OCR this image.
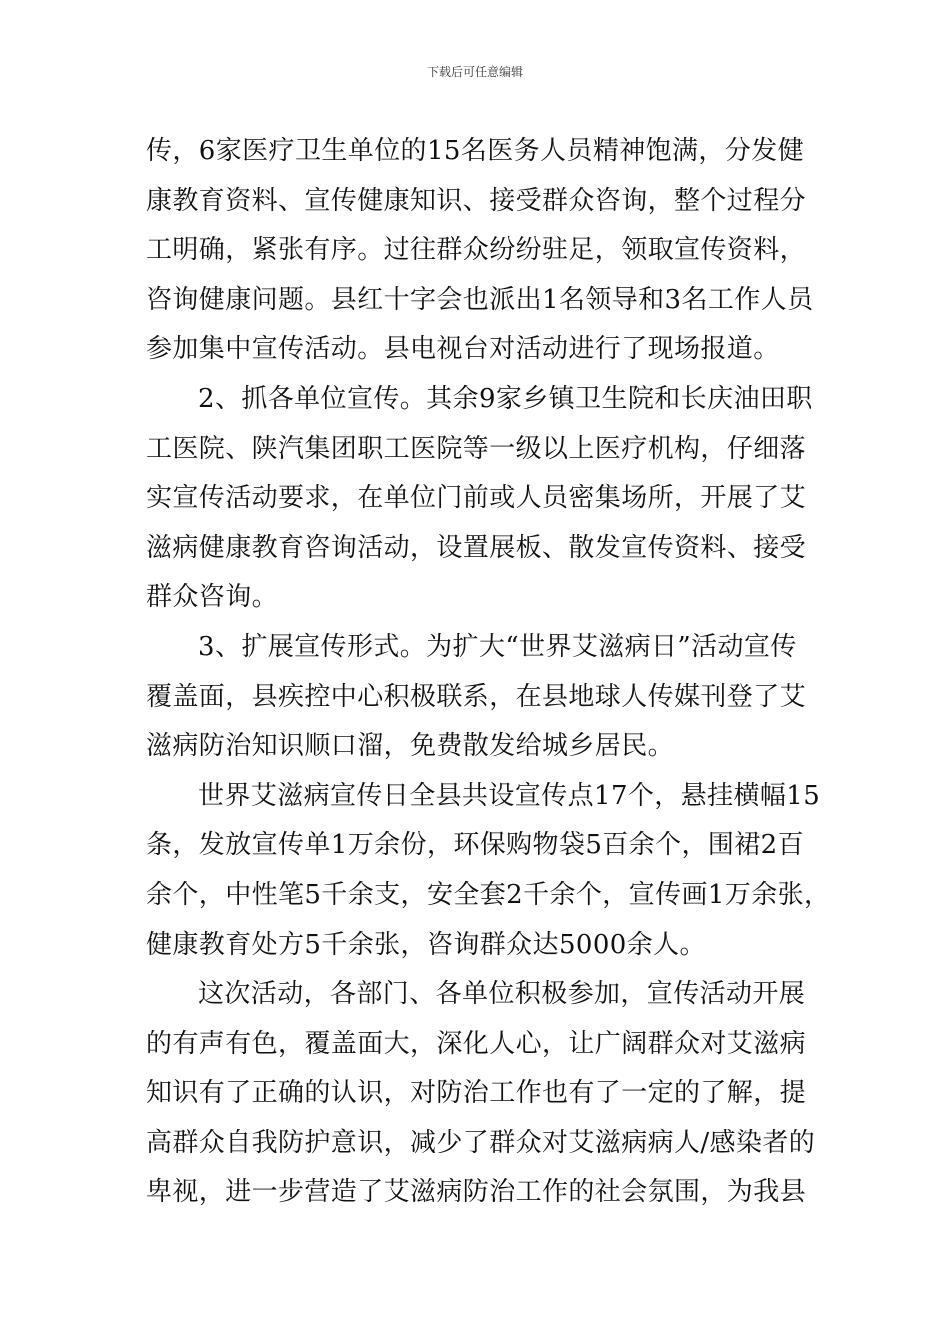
下载后可任意编辑

传，6家医疗卫生单位的15名医务人员精神饱满，分发健
康教育资料、宣传健康知识、接受群众咨询，整个过程分
工明确，紧张有序。过往群众纷纷驻足，领取宣传资料，
咨询健康问题。县红十字会也派出1名领导和3名工作人员
参加集中宣传活动。县电视台对活动进行了现场报道。

2、抓各单位宣传。其余9家乡镇卫生院和长庆油田职
工医院、陕汽集团职工医院等一级以上医疗机构，仔细落
实宣传活动要求，在单位门前或人员密集场所，开展了艾
滋病健康教育咨询活动，设置展板、散发宣传资料、接受
群众咨询。

3、扩展宣传形式。为扩大“世界艾滋病日”活动宣传
覆盖面，县疾控中心积极联系，在县地球人传媒刊登了艾
滋病防治知识顺口溜，免费散发给城乡居民。

世界艾滋病宣传日全县共设宣传点17个，悬挂横幅15
条，发放宣传单1万余份，环保购物袋5百余个，围裙2百
余个，中性笔5千余支，安全套2千余个，宣传画1万余张，
健康教育处方5千余张，咨询群众达5000余人。

这次活动，各部门、各单位积极参加，宣传活动开展
的有声有色，覆盖面大，深化人心，让广阔群众对艾滋病
知识有了正确的认识，对防治工作也有了一定的了解，提
高群众自我防护意识，减少了群众对艾滋病病人/感染者的
卑视，进一步营造了艾滋病防治工作的社会氛围，为我县
